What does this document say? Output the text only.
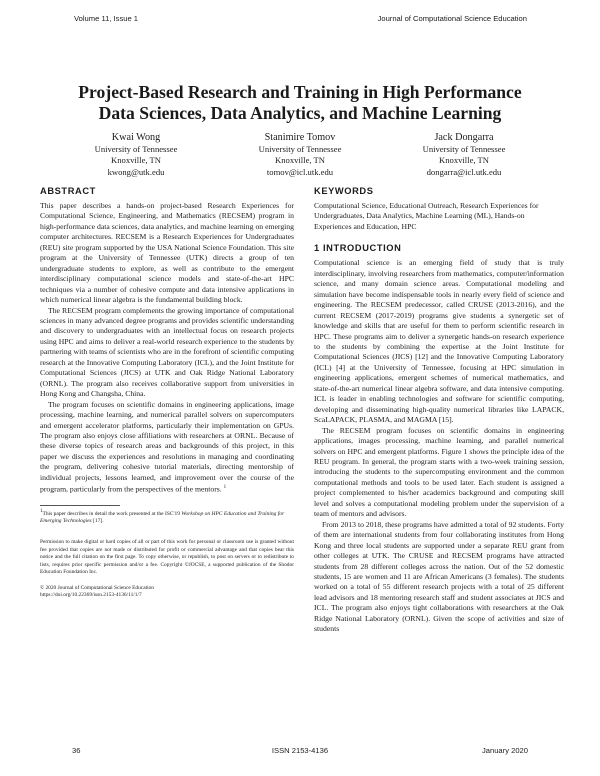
Volume 11, Issue 1	Journal of Computational Science Education
Project-Based Research and Training in High Performance
Data Sciences, Data Analytics, and Machine Learning
Kwai Wong
University of Tennessee
Knoxville, TN
kwong@utk.edu
Stanimire Tomov
University of Tennessee
Knoxville, TN
tomov@icl.utk.edu
Jack Dongarra
University of Tennessee
Knoxville, TN
dongarra@icl.utk.edu
ABSTRACT

This paper describes a hands-on project-based Research Experiences for Computational Science, Engineering, and Mathematics (RECSEM) program in high-performance data sciences, data analytics, and machine learning on emerging computer architectures. RECSEM is a Research Experiences for Undergraduates (REU) site program supported by the USA National Science Foundation. This site program at the University of Tennessee (UTK) directs a group of ten undergraduate students to explore, as well as contribute to the emergent interdisciplinary computational science models and state-of-the-art HPC techniques via a number of cohesive compute and data intensive applications in which numerical linear algebra is the fundamental building block.

The RECSEM program complements the growing importance of computational sciences in many advanced degree programs and provides scientific understanding and discovery to undergraduates with an intellectual focus on research projects using HPC and aims to deliver a real-world research experience to the students by partnering with teams of scientists who are in the forefront of scientific computing research at the Innovative Computing Laboratory (ICL), and the Joint Institute for Computational Sciences (JICS) at UTK and Oak Ridge National Laboratory (ORNL). The program also receives collaborative support from universities in Hong Kong and Changsha, China.

The program focuses on scientific domains in engineering applications, image processing, machine learning, and numerical parallel solvers on supercomputers and emergent accelerator platforms, particularly their implementation on GPUs. The program also enjoys close affiliations with researchers at ORNL. Because of these diverse topics of research areas and backgrounds of this project, in this paper we discuss the experiences and resolutions in managing and coordinating the program, delivering cohesive tutorial materials, directing mentorship of individual projects, lessons learned, and improvement over the course of the program, particularly from the perspectives of the mentors. $^1$

1This paper describes in detail the work presented at the ISC'19 Workshop on HPC Education and Training for Emerging Technologies [17].
Permission to make digital or hard copies of all or part of this work for personal or classroom use is granted without fee provided that copies are not made or distributed for profit or commercial advantage and that copies bear this notice and the full citation on the first page. To copy otherwise, or republish, to post on servers or to redistribute to lists, requires prior specific permission and/or a fee. Copyright ©JOCSE, a supported publication of the Shodor Education Foundation Inc.
© 2020 Journal of Computational Science Education
https://doi.org/10.22369/issn.2153-4136/11/1/7
KEYWORDS

Computational Science, Educational Outreach, Research Experiences for Undergraduates, Data Analytics, Machine Learning (ML), Hands-on Experiences and Education, HPC

1 INTRODUCTION

Computational science is an emerging field of study that is truly interdisciplinary, involving researchers from mathematics, computer/information science, and many domain science areas. Computational modeling and simulation have become indispensable tools in nearly every field of science and engineering. The RECSEM predecessor, called CRUSE (2013-2016), and the current RECSEM (2017-2019) programs give students a synergetic set of knowledge and skills that are useful for them to perform scientific research in HPC. These programs aim to deliver a synergetic hands-on research experience to the students by combining the expertise at the Joint Institute for Computational Sciences (JICS) [12] and the Innovative Computing Laboratory (ICL) [4] at the University of Tennessee, focusing at HPC simulation in engineering applications, emergent schemes of numerical mathematics, and state-of-the-art numerical linear algebra software, and data intensive computing. ICL is leader in enabling technologies and software for scientific computing, developing and disseminating high-quality numerical libraries like LAPACK, ScaLAPACK, PLASMA, and MAGMA [15].

The RECSEM program focuses on scientific domains in engineering applications, images processing, machine learning, and parallel numerical solvers on HPC and emergent platforms. Figure 1 shows the principle idea of the REU program. In general, the program starts with a two-week training session, introducing the students to the supercomputing environment and the common computational methods and tools to be used later. Each student is assigned a project complemented to his/her academics background and computing skill level and solves a computational modeling problem under the supervision of a team of mentors and advisors.

From 2013 to 2018, these programs have admitted a total of 92 students. Forty of them are international students from four collaborating institutes from Hong Kong and three local students are supported under a separate REU grant from other colleges at UTK. The CRUSE and RECSEM programs have attracted students from 28 different colleges across the nation. Out of the 52 domestic students, 15 are women and 11 are African Americans (3 females). The students worked on a total of 55 different research projects with a total of 25 different lead advisors and 18 mentoring research staff and student associates at JICS and ICL. The program also enjoys tight collaborations with researchers at the Oak Ridge National Laboratory (ORNL). Given the scope of activities and size of students

36	ISSN 2153-4136	January 2020
